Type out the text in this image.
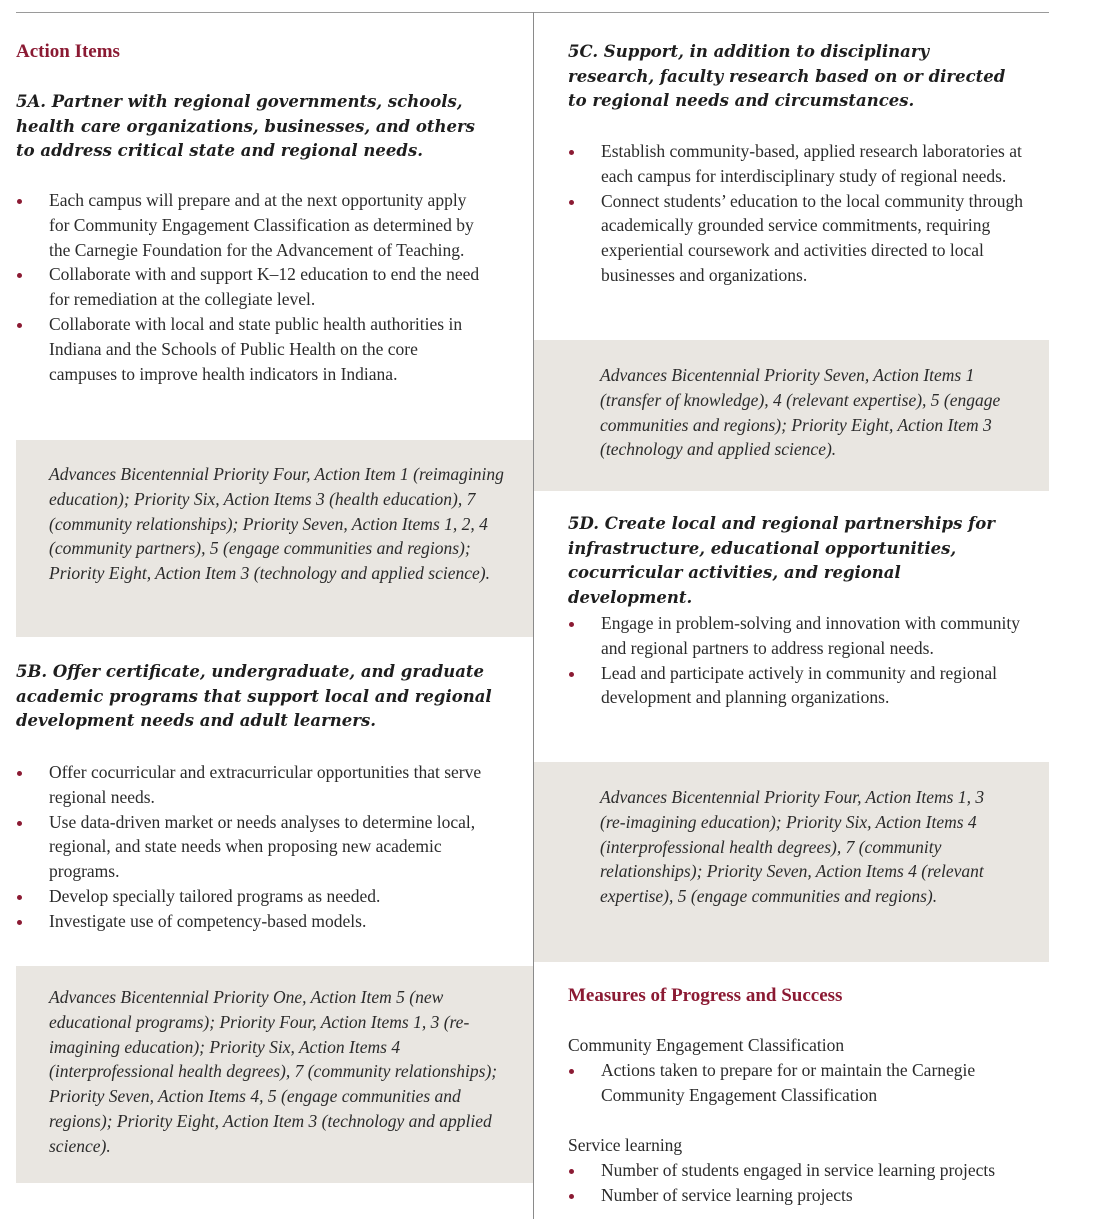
Action Items

5A. Partner with regional governments, schools, health care organizations, businesses, and others to address critical state and regional needs.

Each campus will prepare and at the next opportunity apply for Community Engagement Classification as determined by the Carnegie Foundation for the Advancement of Teaching.
Collaborate with and support K–12 education to end the need for remediation at the collegiate level.
Collaborate with local and state public health authorities in Indiana and the Schools of Public Health on the core campuses to improve health indicators in Indiana.

Advances Bicentennial Priority Four, Action Item 1 (reimagining education); Priority Six, Action Items 3 (health education), 7 (community relationships); Priority Seven, Action Items 1, 2, 4 (community partners), 5 (engage communities and regions); Priority Eight, Action Item 3 (technology and applied science).

5B. Offer certificate, undergraduate, and graduate academic programs that support local and regional development needs and adult learners.

Offer cocurricular and extracurricular opportunities that serve regional needs.
Use data-driven market or needs analyses to determine local, regional, and state needs when proposing new academic programs.
Develop specially tailored programs as needed.
Investigate use of competency-based models.

Advances Bicentennial Priority One, Action Item 5 (new educational programs); Priority Four, Action Items 1, 3 (re-imagining education); Priority Six, Action Items 4 (interprofessional health degrees), 7 (community relationships); Priority Seven, Action Items 4, 5 (engage communities and regions); Priority Eight, Action Item 3 (technology and applied science).

5C. Support, in addition to disciplinary research, faculty research based on or directed to regional needs and circumstances.

Establish community-based, applied research laboratories at each campus for interdisciplinary study of regional needs.
Connect students’ education to the local community through academically grounded service commitments, requiring experiential coursework and activities directed to local businesses and organizations.

Advances Bicentennial Priority Seven, Action Items 1 (transfer of knowledge), 4 (relevant expertise), 5 (engage communities and regions); Priority Eight, Action Item 3 (technology and applied science).

5D. Create local and regional partnerships for infrastructure, educational opportunities, cocurricular activities, and regional development.

Engage in problem-solving and innovation with community and regional partners to address regional needs.
Lead and participate actively in community and regional development and planning organizations.

Advances Bicentennial Priority Four, Action Items 1, 3 (re-imagining education); Priority Six, Action Items 4 (interprofessional health degrees), 7 (community relationships); Priority Seven, Action Items 4 (relevant expertise), 5 (engage communities and regions).

Measures of Progress and Success

Community Engagement Classification

Actions taken to prepare for or maintain the Carnegie Community Engagement Classification

Service learning

Number of students engaged in service learning projects
Number of service learning projects
